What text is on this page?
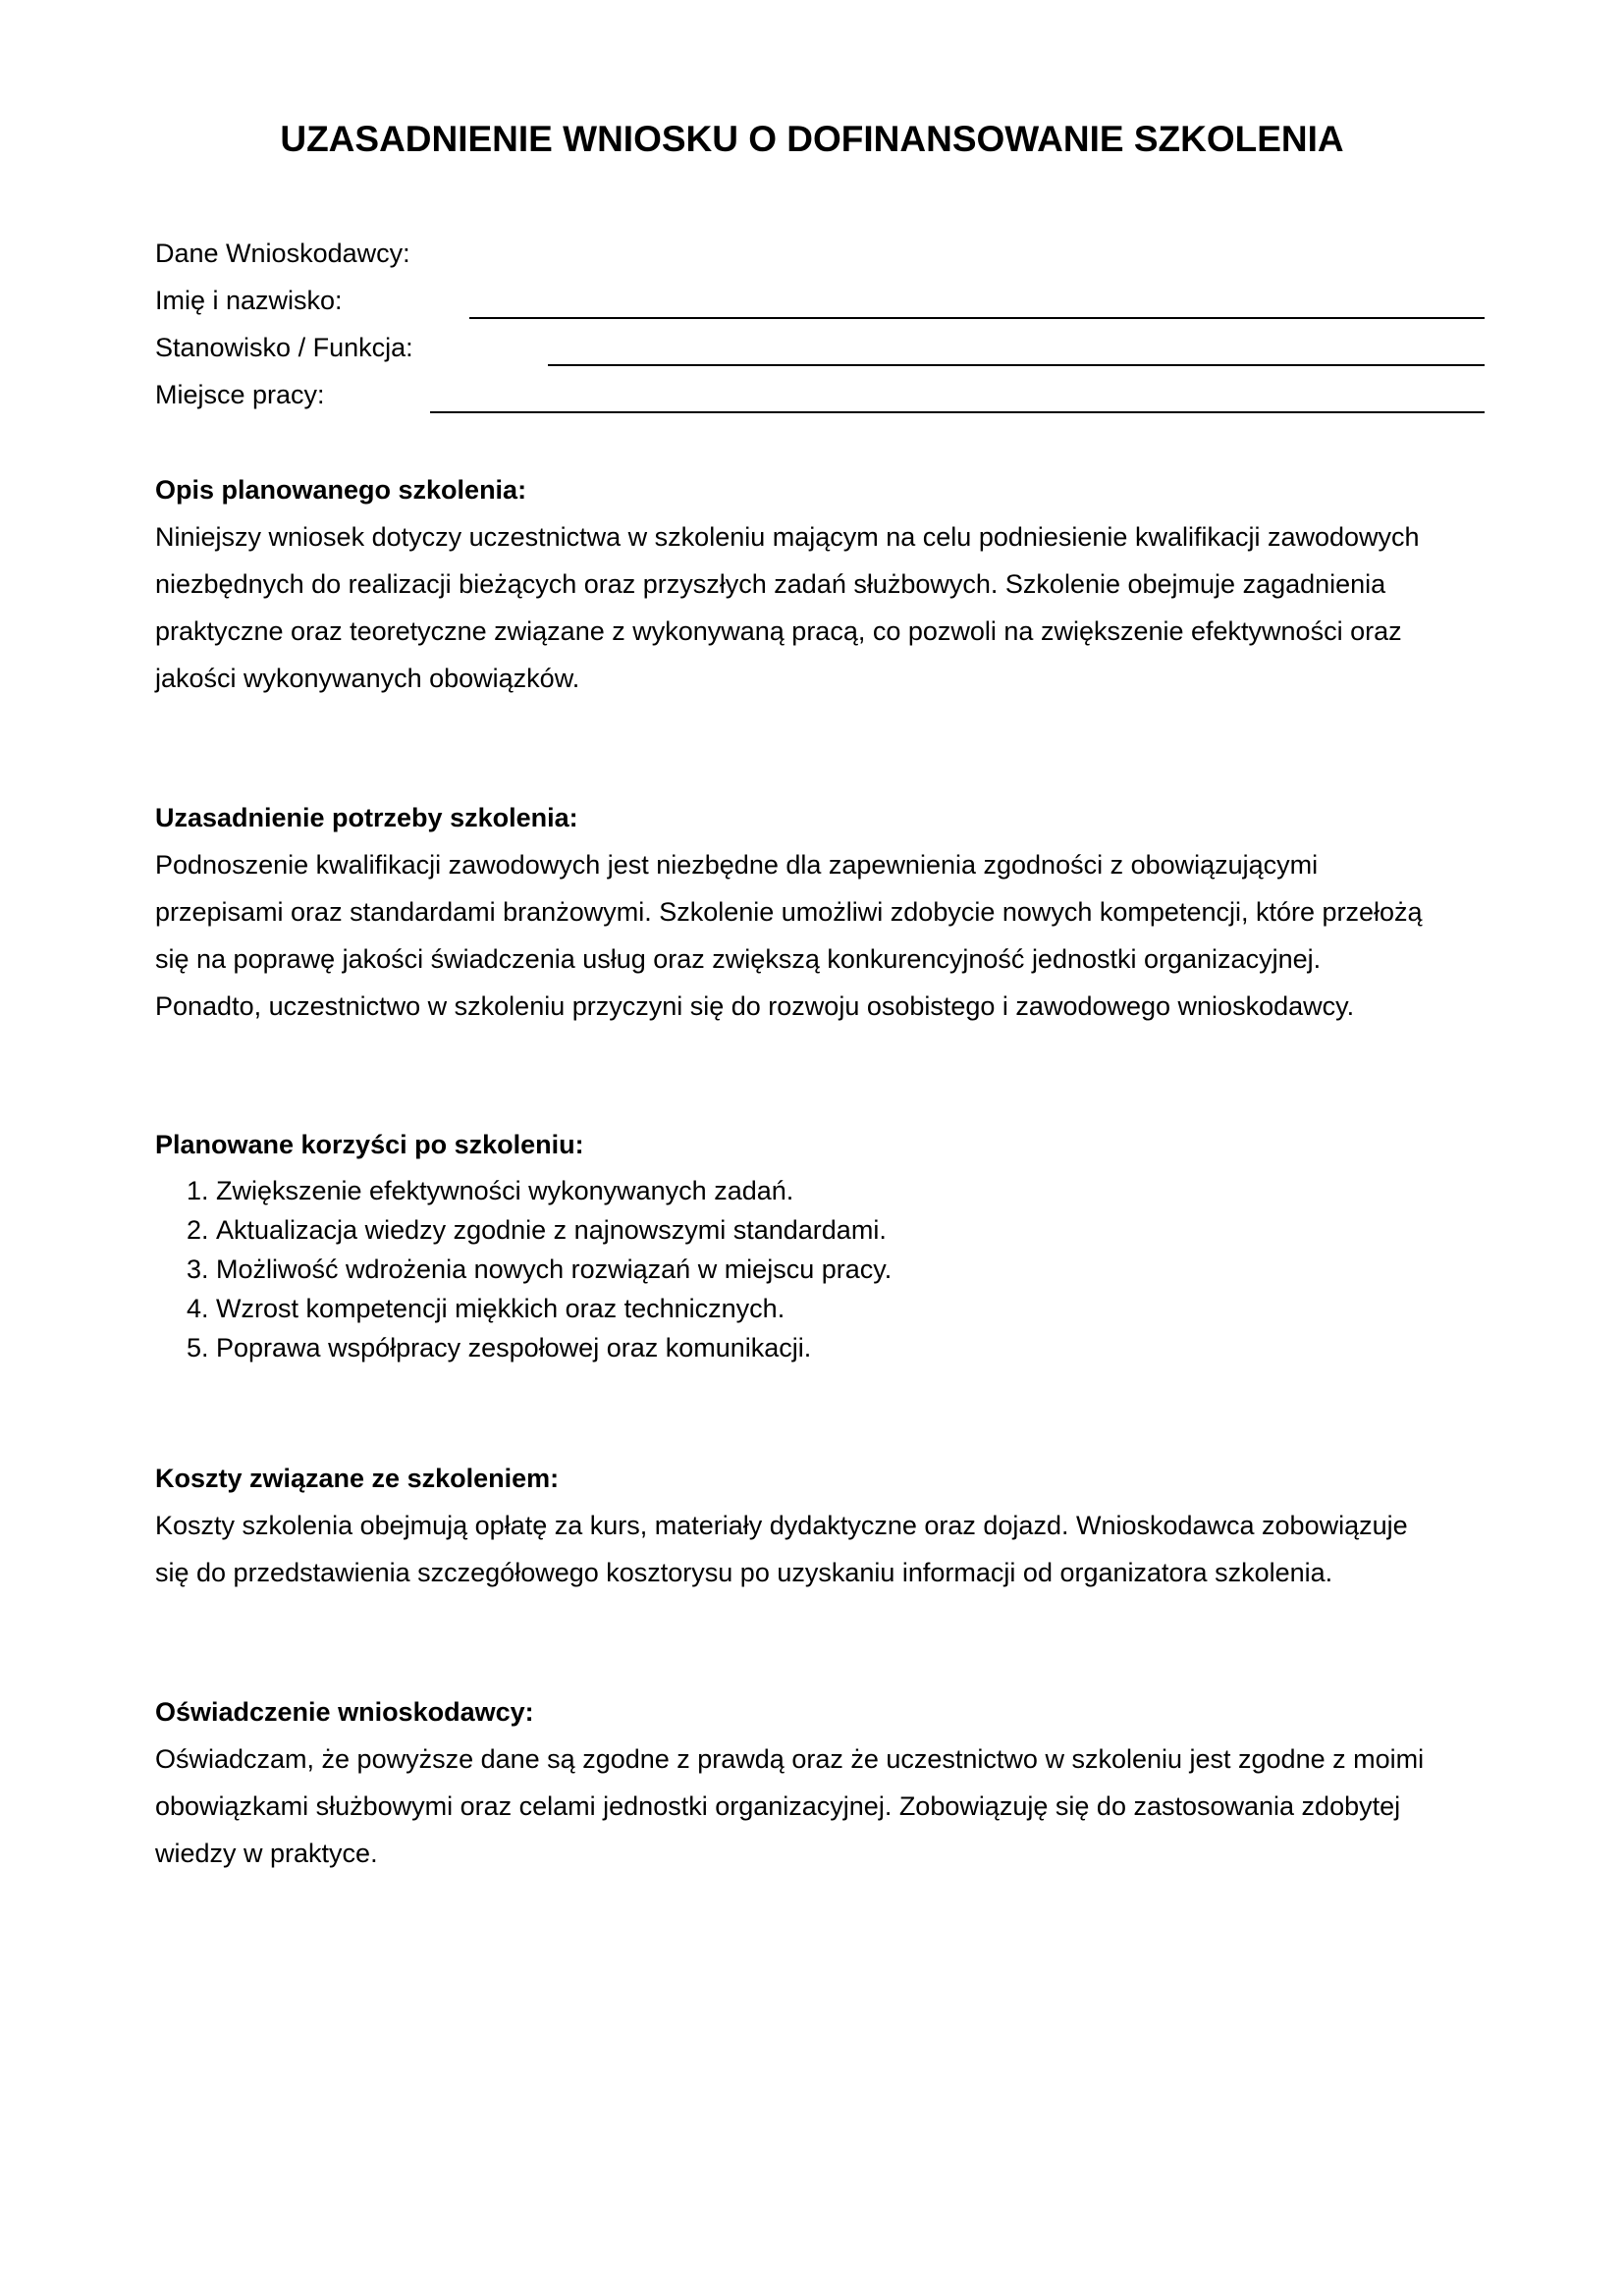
UZASADNIENIE WNIOSKU O DOFINANSOWANIE SZKOLENIA
Dane Wnioskodawcy:
Imię i nazwisko:
Stanowisko / Funkcja:
Miejsce pracy:
Opis planowanego szkolenia:
Niniejszy wniosek dotyczy uczestnictwa w szkoleniu mającym na celu podniesienie kwalifikacji zawodowych
niezbędnych do realizacji bieżących oraz przyszłych zadań służbowych. Szkolenie obejmuje zagadnienia
praktyczne oraz teoretyczne związane z wykonywaną pracą, co pozwoli na zwiększenie efektywności oraz
jakości wykonywanych obowiązków.
Uzasadnienie potrzeby szkolenia:
Podnoszenie kwalifikacji zawodowych jest niezbędne dla zapewnienia zgodności z obowiązującymi
przepisami oraz standardami branżowymi. Szkolenie umożliwi zdobycie nowych kompetencji, które przełożą
się na poprawę jakości świadczenia usług oraz zwiększą konkurencyjność jednostki organizacyjnej.
Ponadto, uczestnictwo w szkoleniu przyczyni się do rozwoju osobistego i zawodowego wnioskodawcy.
Planowane korzyści po szkoleniu:
1. Zwiększenie efektywności wykonywanych zadań.
2. Aktualizacja wiedzy zgodnie z najnowszymi standardami.
3. Możliwość wdrożenia nowych rozwiązań w miejscu pracy.
4. Wzrost kompetencji miękkich oraz technicznych.
5. Poprawa współpracy zespołowej oraz komunikacji.
Koszty związane ze szkoleniem:
Koszty szkolenia obejmują opłatę za kurs, materiały dydaktyczne oraz dojazd. Wnioskodawca zobowiązuje
się do przedstawienia szczegółowego kosztorysu po uzyskaniu informacji od organizatora szkolenia.
Oświadczenie wnioskodawcy:
Oświadczam, że powyższe dane są zgodne z prawdą oraz że uczestnictwo w szkoleniu jest zgodne z moimi
obowiązkami służbowymi oraz celami jednostki organizacyjnej. Zobowiązuję się do zastosowania zdobytej
wiedzy w praktyce.
